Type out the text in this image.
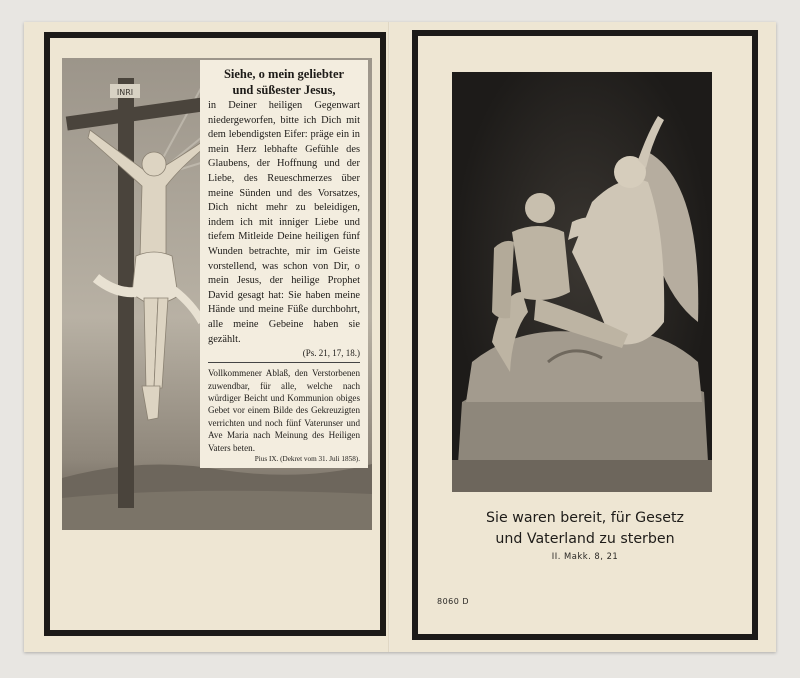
INRI
Siehe, o mein geliebter
und süßester Jesus,
in Deiner heiligen Gegenwart niedergeworfen, bitte ich Dich mit dem lebendigsten Eifer: präge ein in mein Herz lebhafte Gefühle des Glaubens, der Hoffnung und der Liebe, des Reueschmerzes über meine Sünden und des Vorsatzes, Dich nicht mehr zu beleidigen, indem ich mit inniger Liebe und tiefem Mitleide Deine heiligen fünf Wunden betrachte, mir im Geiste vorstellend, was schon von Dir, o mein Jesus, der heilige Prophet David gesagt hat: Sie haben meine Hände und meine Füße durchbohrt, alle meine Gebeine haben sie gezählt.
(Ps. 21, 17, 18.)
Vollkommener Ablaß, den Verstorbenen zuwendbar, für alle, welche nach würdiger Beicht und Kommunion obiges Gebet vor einem Bilde des Gekreuzigten verrichten und noch fünf Vaterunser und Ave Maria nach Meinung des Heiligen Vaters beten.
Pius IX. (Dekret vom 31. Juli 1858).
Sie waren bereit, für Gesetz
und Vaterland zu sterben
II. Makk. 8, 21
8060 D
